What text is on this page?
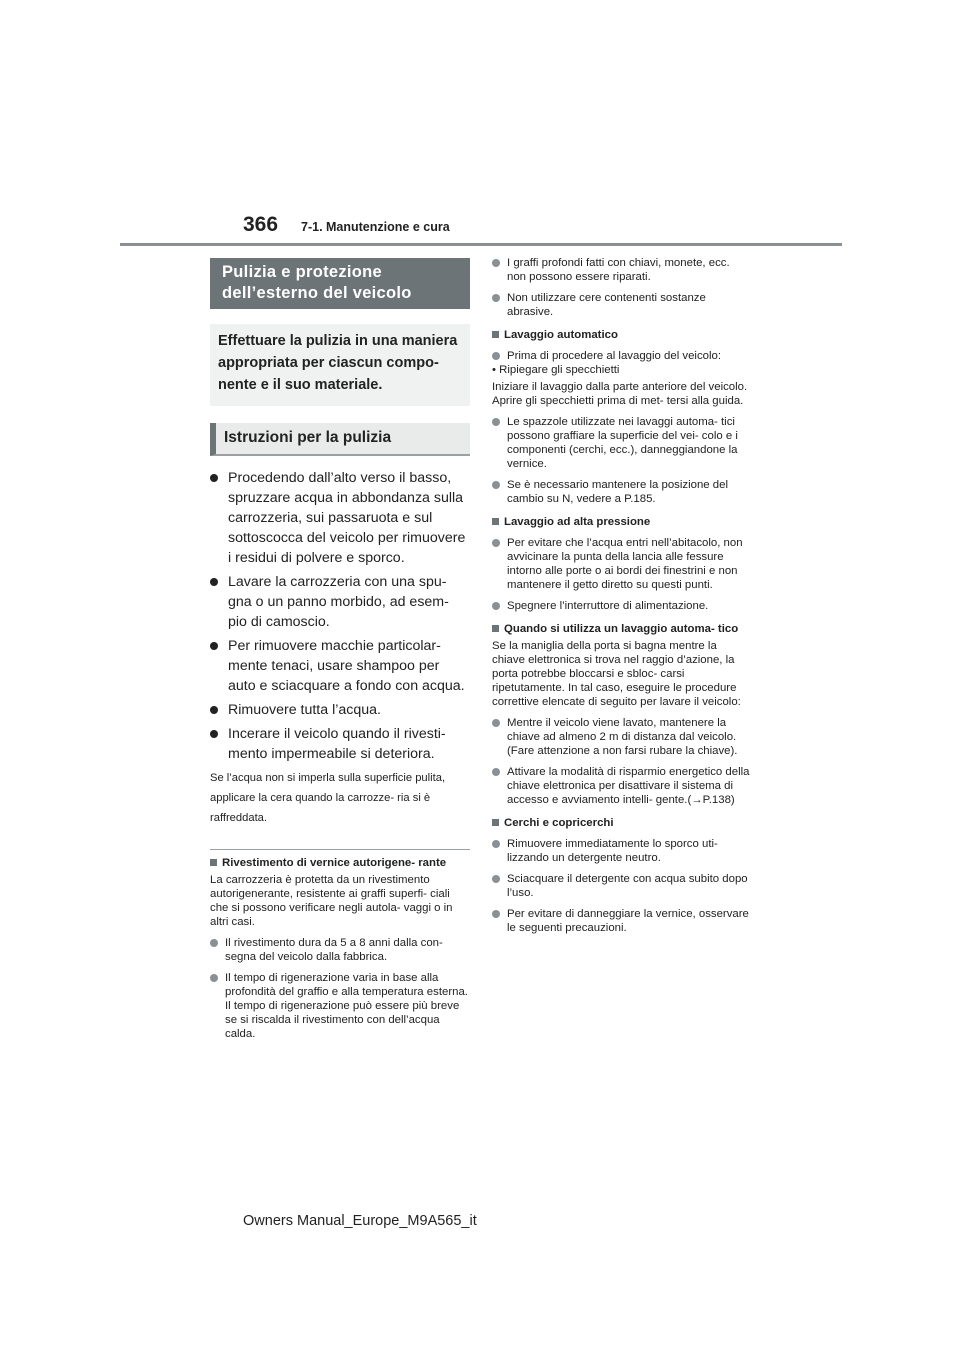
366 7-1. Manutenzione e cura
Pulizia e protezione
dell’esterno del veicolo
Effettuare la pulizia in una maniera appropriata per ciascun compo- nente e il suo materiale.
Istruzioni per la pulizia
Procedendo dall’alto verso il basso, spruzzare acqua in abbondanza sulla carrozzeria, sui passaruota e sul sottoscocca del veicolo per rimuovere i residui di polvere e sporco.
Lavare la carrozzeria con una spu- gna o un panno morbido, ad esem- pio di camoscio.
Per rimuovere macchie particolar- mente tenaci, usare shampoo per auto e sciacquare a fondo con acqua.
Rimuovere tutta l’acqua.
Incerare il veicolo quando il rivesti- mento impermeabile si deteriora.
Se l’acqua non si imperla sulla superficie pulita, applicare la cera quando la carrozze- ria si è raffreddata.
Rivestimento di vernice autorigene- rante
La carrozzeria è protetta da un rivestimento autorigenerante, resistente ai graffi superfi- ciali che si possono verificare negli autola- vaggi o in altri casi.
Il rivestimento dura da 5 a 8 anni dalla con- segna del veicolo dalla fabbrica.
Il tempo di rigenerazione varia in base alla profondità del graffio e alla temperatura esterna.
Il tempo di rigenerazione può essere più breve se si riscalda il rivestimento con dell’acqua calda.
I graffi profondi fatti con chiavi, monete, ecc. non possono essere riparati.
Non utilizzare cere contenenti sostanze abrasive.
Lavaggio automatico
Prima di procedere al lavaggio del veicolo:
• Ripiegare gli specchietti
Iniziare il lavaggio dalla parte anteriore del veicolo. Aprire gli specchietti prima di met- tersi alla guida.
Le spazzole utilizzate nei lavaggi automa- tici possono graffiare la superficie del vei- colo e i componenti (cerchi, ecc.), danneggiandone la vernice.
Se è necessario mantenere la posizione del cambio su N, vedere a P.185.
Lavaggio ad alta pressione
Per evitare che l’acqua entri nell’abitacolo, non avvicinare la punta della lancia alle fessure intorno alle porte o ai bordi dei finestrini e non mantenere il getto diretto su questi punti.
Spegnere l’interruttore di alimentazione.
Quando si utilizza un lavaggio automa- tico
Se la maniglia della porta si bagna mentre la chiave elettronica si trova nel raggio d’azione, la porta potrebbe bloccarsi e sbloc- carsi ripetutamente. In tal caso, eseguire le procedure correttive elencate di seguito per lavare il veicolo:
Mentre il veicolo viene lavato, mantenere la chiave ad almeno 2 m di distanza dal veicolo. (Fare attenzione a non farsi rubare la chiave).
Attivare la modalità di risparmio energetico della chiave elettronica per disattivare il sistema di accesso e avviamento intelli- gente.(→P.138)
Cerchi e copricerchi
Rimuovere immediatamente lo sporco uti- lizzando un detergente neutro.
Sciacquare il detergente con acqua subito dopo l’uso.
Per evitare di danneggiare la vernice, osservare le seguenti precauzioni.
Owners Manual_Europe_M9A565_it
